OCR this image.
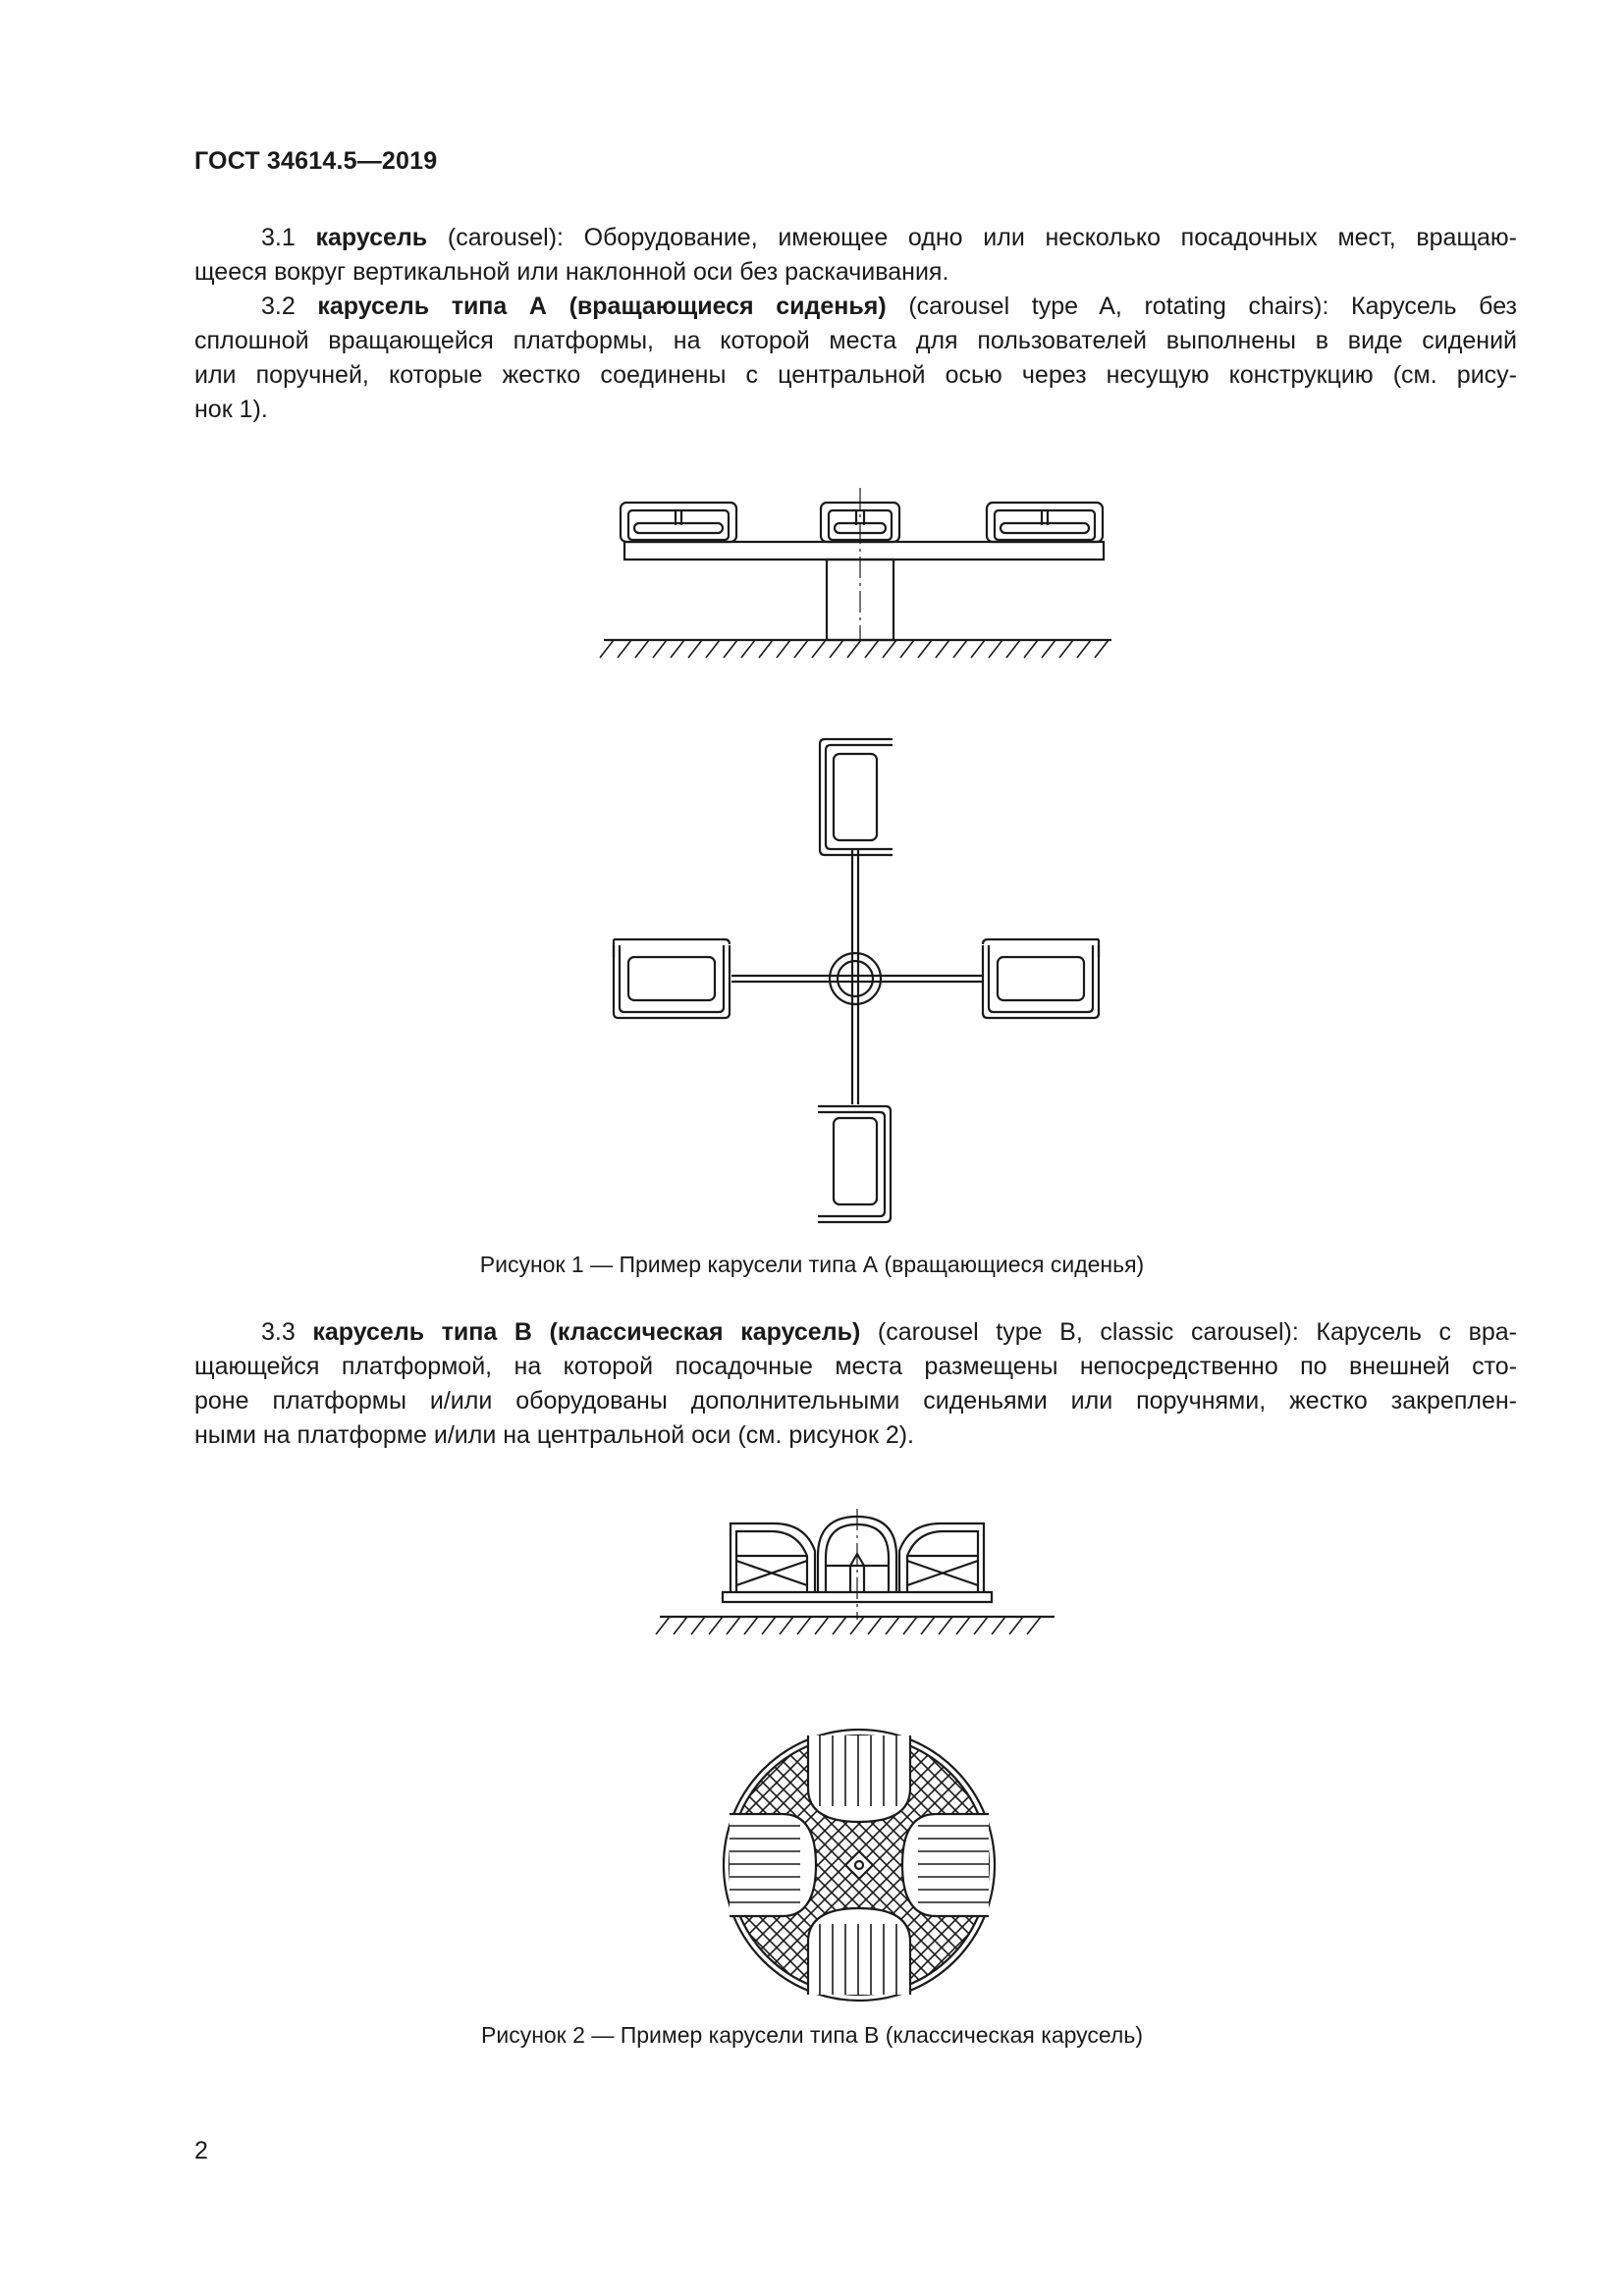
ГОСТ 34614.5—2019
3.1 карусель (carousel): Оборудование, имеющее одно или несколько посадочных мест, вращаю-
щееся вокруг вертикальной или наклонной оси без раскачивания.
3.2 карусель типа А (вращающиеся сиденья) (carousel type A, rotating chairs): Карусель без
сплошной вращающейся платформы, на которой места для пользователей выполнены в виде сидений
или поручней, которые жестко соединены с центральной осью через несущую конструкцию (см. рису-
нок 1).
Рисунок 1 — Пример карусели типа А (вращающиеся сиденья)
3.3 карусель типа В (классическая карусель) (carousel type B, classic carousel): Карусель с вра-
щающейся платформой, на которой посадочные места размещены непосредственно по внешней сто-
роне платформы и/или оборудованы дополнительными сиденьями или поручнями, жестко закреплен-
ными на платформе и/или на центральной оси (см. рисунок 2).
Рисунок 2 — Пример карусели типа В (классическая карусель)
2
